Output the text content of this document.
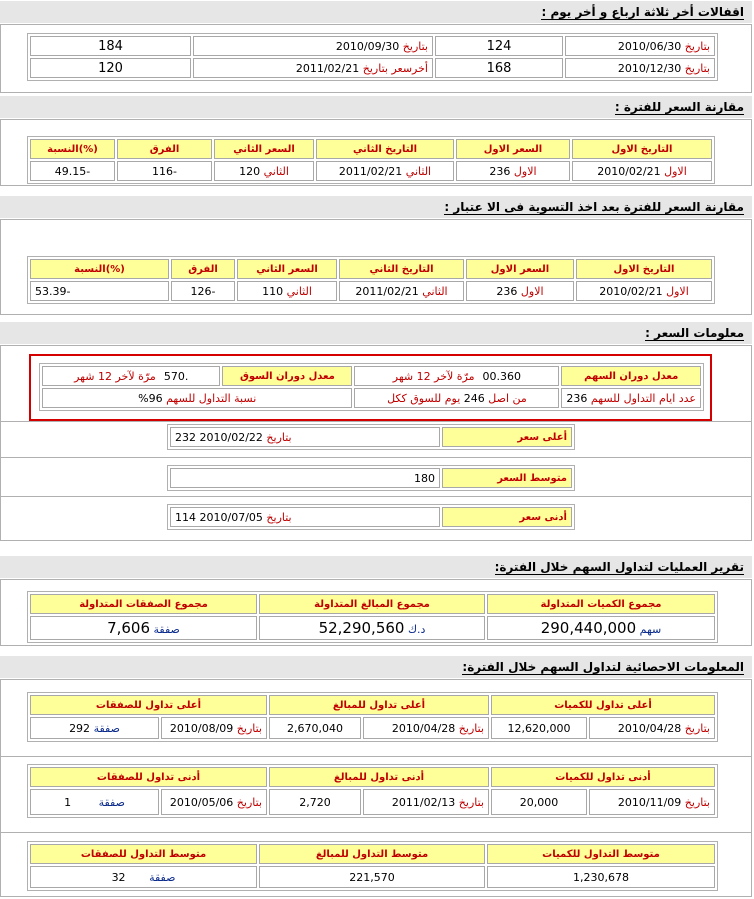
اقفالات أخر ثلاثة ارباع و أخر يوم :
بتاريخ 2010/06/30	124	بتاريخ 2010/09/30	184
بتاريخ 2010/12/30	168	أخرسعر بتاريخ 2011/02/21	120
مقارنة السعر للفترة :
التاريخ الاول	السعر الاول	التاريخ الثاني	السعر الثاني	الفرق	(%)النسبة
الاول 2010/02/21	الاول 236	الثاني 2011/02/21	الثاني 120	-116	-49.15
مقارنة السعر للفترة بعد اخذ التسوية فى الا عتبار :
التاريخ الاول	السعر الاول	التاريخ الثاني	السعر الثاني	الفرق	(%)النسبة
الاول 2010/02/21	الاول 236	الثاني 2011/02/21	الثاني 110	-126	-53.39
معلومات السعر :
معدل دوران السهم	00.360مرّة لآخر 12 شهر	معدل دوران السوق	.570مرّة لآخر 12 شهر
عدد ايام التداول للسهم 236	من اصل 246 يوم للسوق ككل	نسبة التداول للسهم 96%	
أعلى سعر	بتاريخ 2010/02/22 232
متوسط السعر	180
أدنى سعر	بتاريخ 2010/07/05 114
تقرير العمليات لتداول السهم خلال الفترة:
مجموع الكميات المتداولة	مجموع المبالغ المتداولة	مجموع الصفقات المتداولة
سهم 290,440,000	د.ك 52,290,560	صفقة 7,606
المعلومات الاحصائية لتداول السهم خلال الفترة:
أعلى تداول للكميات		أعلى تداول للمبالغ		أعلى تداول للصفقات	
بتاريخ 2010/04/28	12,620,000	بتاريخ 2010/04/28	2,670,040	بتاريخ 2010/08/09	صفقة 292
أدنى تداول للكميات		أدنى تداول للمبالغ		أدنى تداول للصفقات	
بتاريخ 2010/11/09	20,000	بتاريخ 2011/02/13	2,720	بتاريخ 2010/05/06	صفقة 1
متوسط التداول للكميات	متوسط التداول للمبالغ	متوسط التداول للصفقات
1,230,678	221,570	صفقة 32
